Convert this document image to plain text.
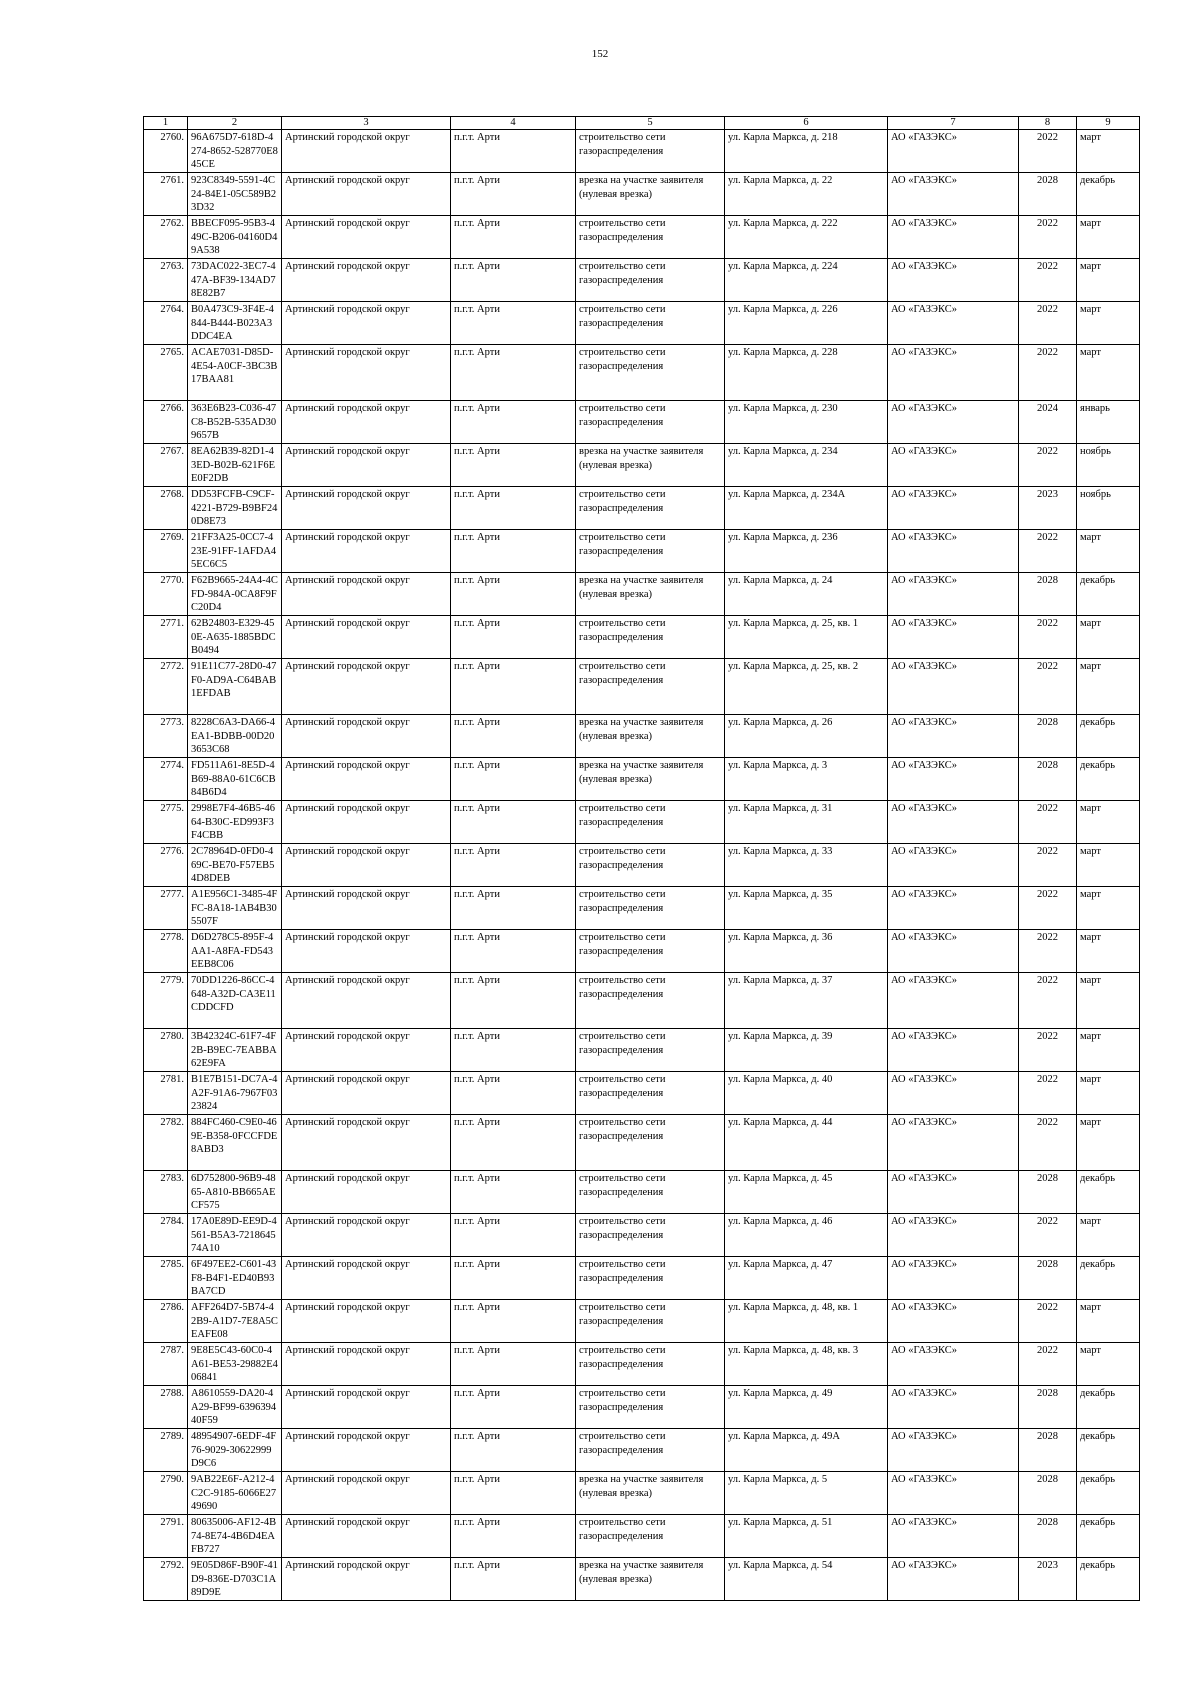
152
1	2	3	4	5	6	7	8	9
2760.	96A675D7-618D-4274-8652-528770E845CE	Артинский городской округ	п.г.т. Арти	строительство сети газораспределения	ул. Карла Маркса, д. 218	АО «ГАЗЭКС»	2022	март
2761.	923C8349-5591-4C24-84E1-05C589B23D32	Артинский городской округ	п.г.т. Арти	врезка на участке заявителя (нулевая врезка)	ул. Карла Маркса, д. 22	АО «ГАЗЭКС»	2028	декабрь
2762.	BBECF095-95B3-449C-B206-04160D49A538	Артинский городской округ	п.г.т. Арти	строительство сети газораспределения	ул. Карла Маркса, д. 222	АО «ГАЗЭКС»	2022	март
2763.	73DAC022-3EC7-447A-BF39-134AD78E82B7	Артинский городской округ	п.г.т. Арти	строительство сети газораспределения	ул. Карла Маркса, д. 224	АО «ГАЗЭКС»	2022	март
2764.	B0A473C9-3F4E-4844-B444-B023A3DDC4EA	Артинский городской округ	п.г.т. Арти	строительство сети газораспределения	ул. Карла Маркса, д. 226	АО «ГАЗЭКС»	2022	март
2765.	ACAE7031-D85D-4E54-A0CF-3BC3B17BAA81	Артинский городской округ	п.г.т. Арти	строительство сети газораспределения	ул. Карла Маркса, д. 228	АО «ГАЗЭКС»	2022	март
2766.	363E6B23-C036-47C8-B52B-535AD309657B	Артинский городской округ	п.г.т. Арти	строительство сети газораспределения	ул. Карла Маркса, д. 230	АО «ГАЗЭКС»	2024	январь
2767.	8EA62B39-82D1-43ED-B02B-621F6EE0F2DB	Артинский городской округ	п.г.т. Арти	врезка на участке заявителя (нулевая врезка)	ул. Карла Маркса, д. 234	АО «ГАЗЭКС»	2022	ноябрь
2768.	DD53FCFB-C9CF-4221-B729-B9BF240D8E73	Артинский городской округ	п.г.т. Арти	строительство сети газораспределения	ул. Карла Маркса, д. 234А	АО «ГАЗЭКС»	2023	ноябрь
2769.	21FF3A25-0CC7-423E-91FF-1AFDA45EC6C5	Артинский городской округ	п.г.т. Арти	строительство сети газораспределения	ул. Карла Маркса, д. 236	АО «ГАЗЭКС»	2022	март
2770.	F62B9665-24A4-4CFD-984A-0CA8F9FC20D4	Артинский городской округ	п.г.т. Арти	врезка на участке заявителя (нулевая врезка)	ул. Карла Маркса, д. 24	АО «ГАЗЭКС»	2028	декабрь
2771.	62B24803-E329-450E-A635-1885BDCB0494	Артинский городской округ	п.г.т. Арти	строительство сети газораспределения	ул. Карла Маркса, д. 25, кв. 1	АО «ГАЗЭКС»	2022	март
2772.	91E11C77-28D0-47F0-AD9A-C64BAB1EFDAB	Артинский городской округ	п.г.т. Арти	строительство сети газораспределения	ул. Карла Маркса, д. 25, кв. 2	АО «ГАЗЭКС»	2022	март
2773.	8228C6A3-DA66-4EA1-BDBB-00D203653C68	Артинский городской округ	п.г.т. Арти	врезка на участке заявителя (нулевая врезка)	ул. Карла Маркса, д. 26	АО «ГАЗЭКС»	2028	декабрь
2774.	FD511A61-8E5D-4B69-88A0-61C6CB84B6D4	Артинский городской округ	п.г.т. Арти	врезка на участке заявителя (нулевая врезка)	ул. Карла Маркса, д. 3	АО «ГАЗЭКС»	2028	декабрь
2775.	2998E7F4-46B5-4664-B30C-ED993F3F4CBB	Артинский городской округ	п.г.т. Арти	строительство сети газораспределения	ул. Карла Маркса, д. 31	АО «ГАЗЭКС»	2022	март
2776.	2C78964D-0FD0-469C-BE70-F57EB54D8DEB	Артинский городской округ	п.г.т. Арти	строительство сети газораспределения	ул. Карла Маркса, д. 33	АО «ГАЗЭКС»	2022	март
2777.	A1E956C1-3485-4FFC-8A18-1AB4B305507F	Артинский городской округ	п.г.т. Арти	строительство сети газораспределения	ул. Карла Маркса, д. 35	АО «ГАЗЭКС»	2022	март
2778.	D6D278C5-895F-4AA1-A8FA-FD543EEB8C06	Артинский городской округ	п.г.т. Арти	строительство сети газораспределения	ул. Карла Маркса, д. 36	АО «ГАЗЭКС»	2022	март
2779.	70DD1226-86CC-4648-A32D-CA3E11CDDCFD	Артинский городской округ	п.г.т. Арти	строительство сети газораспределения	ул. Карла Маркса, д. 37	АО «ГАЗЭКС»	2022	март
2780.	3B42324C-61F7-4F2B-B9EC-7EABBA62E9FA	Артинский городской округ	п.г.т. Арти	строительство сети газораспределения	ул. Карла Маркса, д. 39	АО «ГАЗЭКС»	2022	март
2781.	B1E7B151-DC7A-4A2F-91A6-7967F0323824	Артинский городской округ	п.г.т. Арти	строительство сети газораспределения	ул. Карла Маркса, д. 40	АО «ГАЗЭКС»	2022	март
2782.	884FC460-C9E0-469E-B358-0FCCFDE8ABD3	Артинский городской округ	п.г.т. Арти	строительство сети газораспределения	ул. Карла Маркса, д. 44	АО «ГАЗЭКС»	2022	март
2783.	6D752800-96B9-4865-A810-BB665AECF575	Артинский городской округ	п.г.т. Арти	строительство сети газораспределения	ул. Карла Маркса, д. 45	АО «ГАЗЭКС»	2028	декабрь
2784.	17A0E89D-EE9D-4561-B5A3-721864574A10	Артинский городской округ	п.г.т. Арти	строительство сети газораспределения	ул. Карла Маркса, д. 46	АО «ГАЗЭКС»	2022	март
2785.	6F497EE2-C601-43F8-B4F1-ED40B93BA7CD	Артинский городской округ	п.г.т. Арти	строительство сети газораспределения	ул. Карла Маркса, д. 47	АО «ГАЗЭКС»	2028	декабрь
2786.	AFF264D7-5B74-42B9-A1D7-7E8A5CEAFE08	Артинский городской округ	п.г.т. Арти	строительство сети газораспределения	ул. Карла Маркса, д. 48, кв. 1	АО «ГАЗЭКС»	2022	март
2787.	9E8E5C43-60C0-4A61-BE53-29882E406841	Артинский городской округ	п.г.т. Арти	строительство сети газораспределения	ул. Карла Маркса, д. 48, кв. 3	АО «ГАЗЭКС»	2022	март
2788.	A8610559-DA20-4A29-BF99-639639440F59	Артинский городской округ	п.г.т. Арти	строительство сети газораспределения	ул. Карла Маркса, д. 49	АО «ГАЗЭКС»	2028	декабрь
2789.	48954907-6EDF-4F76-9029-30622999D9C6	Артинский городской округ	п.г.т. Арти	строительство сети газораспределения	ул. Карла Маркса, д. 49А	АО «ГАЗЭКС»	2028	декабрь
2790.	9AB22E6F-A212-4C2C-9185-6066E2749690	Артинский городской округ	п.г.т. Арти	врезка на участке заявителя (нулевая врезка)	ул. Карла Маркса, д. 5	АО «ГАЗЭКС»	2028	декабрь
2791.	80635006-AF12-4B74-8E74-4B6D4EAFB727	Артинский городской округ	п.г.т. Арти	строительство сети газораспределения	ул. Карла Маркса, д. 51	АО «ГАЗЭКС»	2028	декабрь
2792.	9E05D86F-B90F-41D9-836E-D703C1A89D9E	Артинский городской округ	п.г.т. Арти	врезка на участке заявителя (нулевая врезка)	ул. Карла Маркса, д. 54	АО «ГАЗЭКС»	2023	декабрь
